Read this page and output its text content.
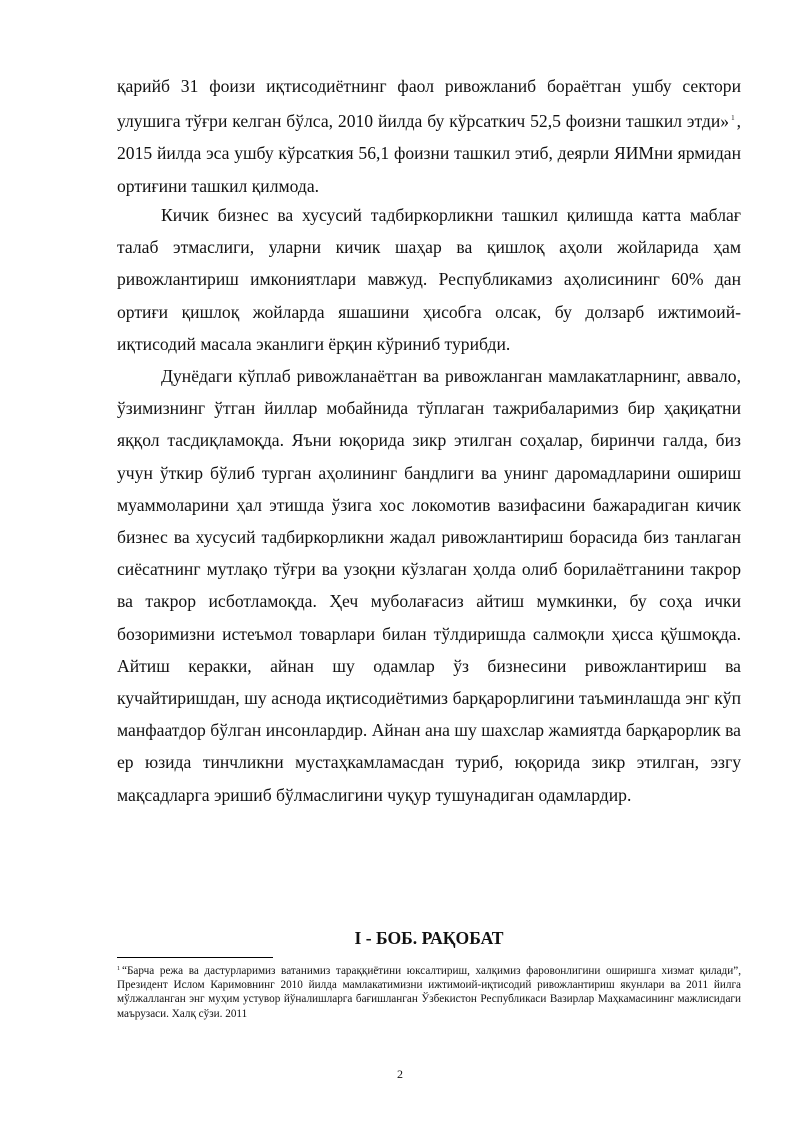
қарийб 31 фоизи иқтисодиётнинг фаол ривожланиб бораётган ушбу сектори улушига тўғри келган бўлса, 2010 йилда бу кўрсаткич 52,5 фоизни ташкил этди» $^1$ , 2015 йилда эса ушбу кўрсаткия 56,1 фоизни ташкил этиб, деярли ЯИМни ярмидан ортиғини ташкил қилмода.

Кичик бизнес ва хусусий тадбиркорликни ташкил қилишда катта маблағ талаб этмаслиги, уларни кичик шаҳар ва қишлоқ аҳоли жойларида ҳам ривожлантириш имкониятлари мавжуд. Республикамиз аҳолисининг 60% дан ортиғи қишлоқ жойларда яшашини ҳисобга олсак, бу долзарб ижтимоий-иқтисодий масала эканлиги ёрқин кўриниб турибди.

Дунёдаги кўплаб ривожланаётган ва ривожланган мамлакатларнинг, аввало, ўзимизнинг ўтган йиллар мобайнида тўплаган тажрибаларимиз бир ҳақиқатни яққол тасдиқламоқда. Яъни юқорида зикр этилган соҳалар, биринчи галда, биз учун ўткир бўлиб турган аҳолининг бандлиги ва унинг даромадларини ошириш муаммоларини ҳал этишда ўзига хос локомотив вазифасини бажарадиган кичик бизнес ва хусусий тадбиркорликни жадал ривожлантириш борасида биз танлаган сиёсатнинг мутлақо тўғри ва узоқни кўзлаган ҳолда олиб борилаётганини такрор ва такрор исботламоқда. Ҳеч муболағасиз айтиш мумкинки, бу соҳа ички бозоримизни истеъмол товарлари билан тўлдиришда салмоқли ҳисса қўшмоқда. Айтиш керакки, айнан шу одамлар ўз бизнесини ривожлантириш ва кучайтиришдан, шу аснода иқтисодиётимиз барқарорлигини таъминлашда энг кўп манфаатдор бўлган инсонлардир. Айнан ана шу шахслар жамиятда барқарорлик ва ер юзида тинчликни мустаҳкамламасдан туриб, юқорида зикр этилган, эзгу мақсадларга эришиб бўлмаслигини чуқур тушунадиган одамлардир.

I - БОБ. РАҚОБАТ
$^1$ “Барча режа ва дастурларимиз ватанимиз тараққиётини юксалтириш, халқимиз фаровонлигини оширишга хизмат қилади”, Президент Ислом Каримовнинг 2010 йилда мамлакатимизни ижтимоий-иқтисодий ривожлантириш якунлари ва 2011 йилга мўлжалланган энг муҳим устувор йўналишларга бағишланган Ўзбекистон Республикаси Вазирлар Маҳкамасининг мажлисидаги маърузаси. Халқ сўзи. 2011
2
